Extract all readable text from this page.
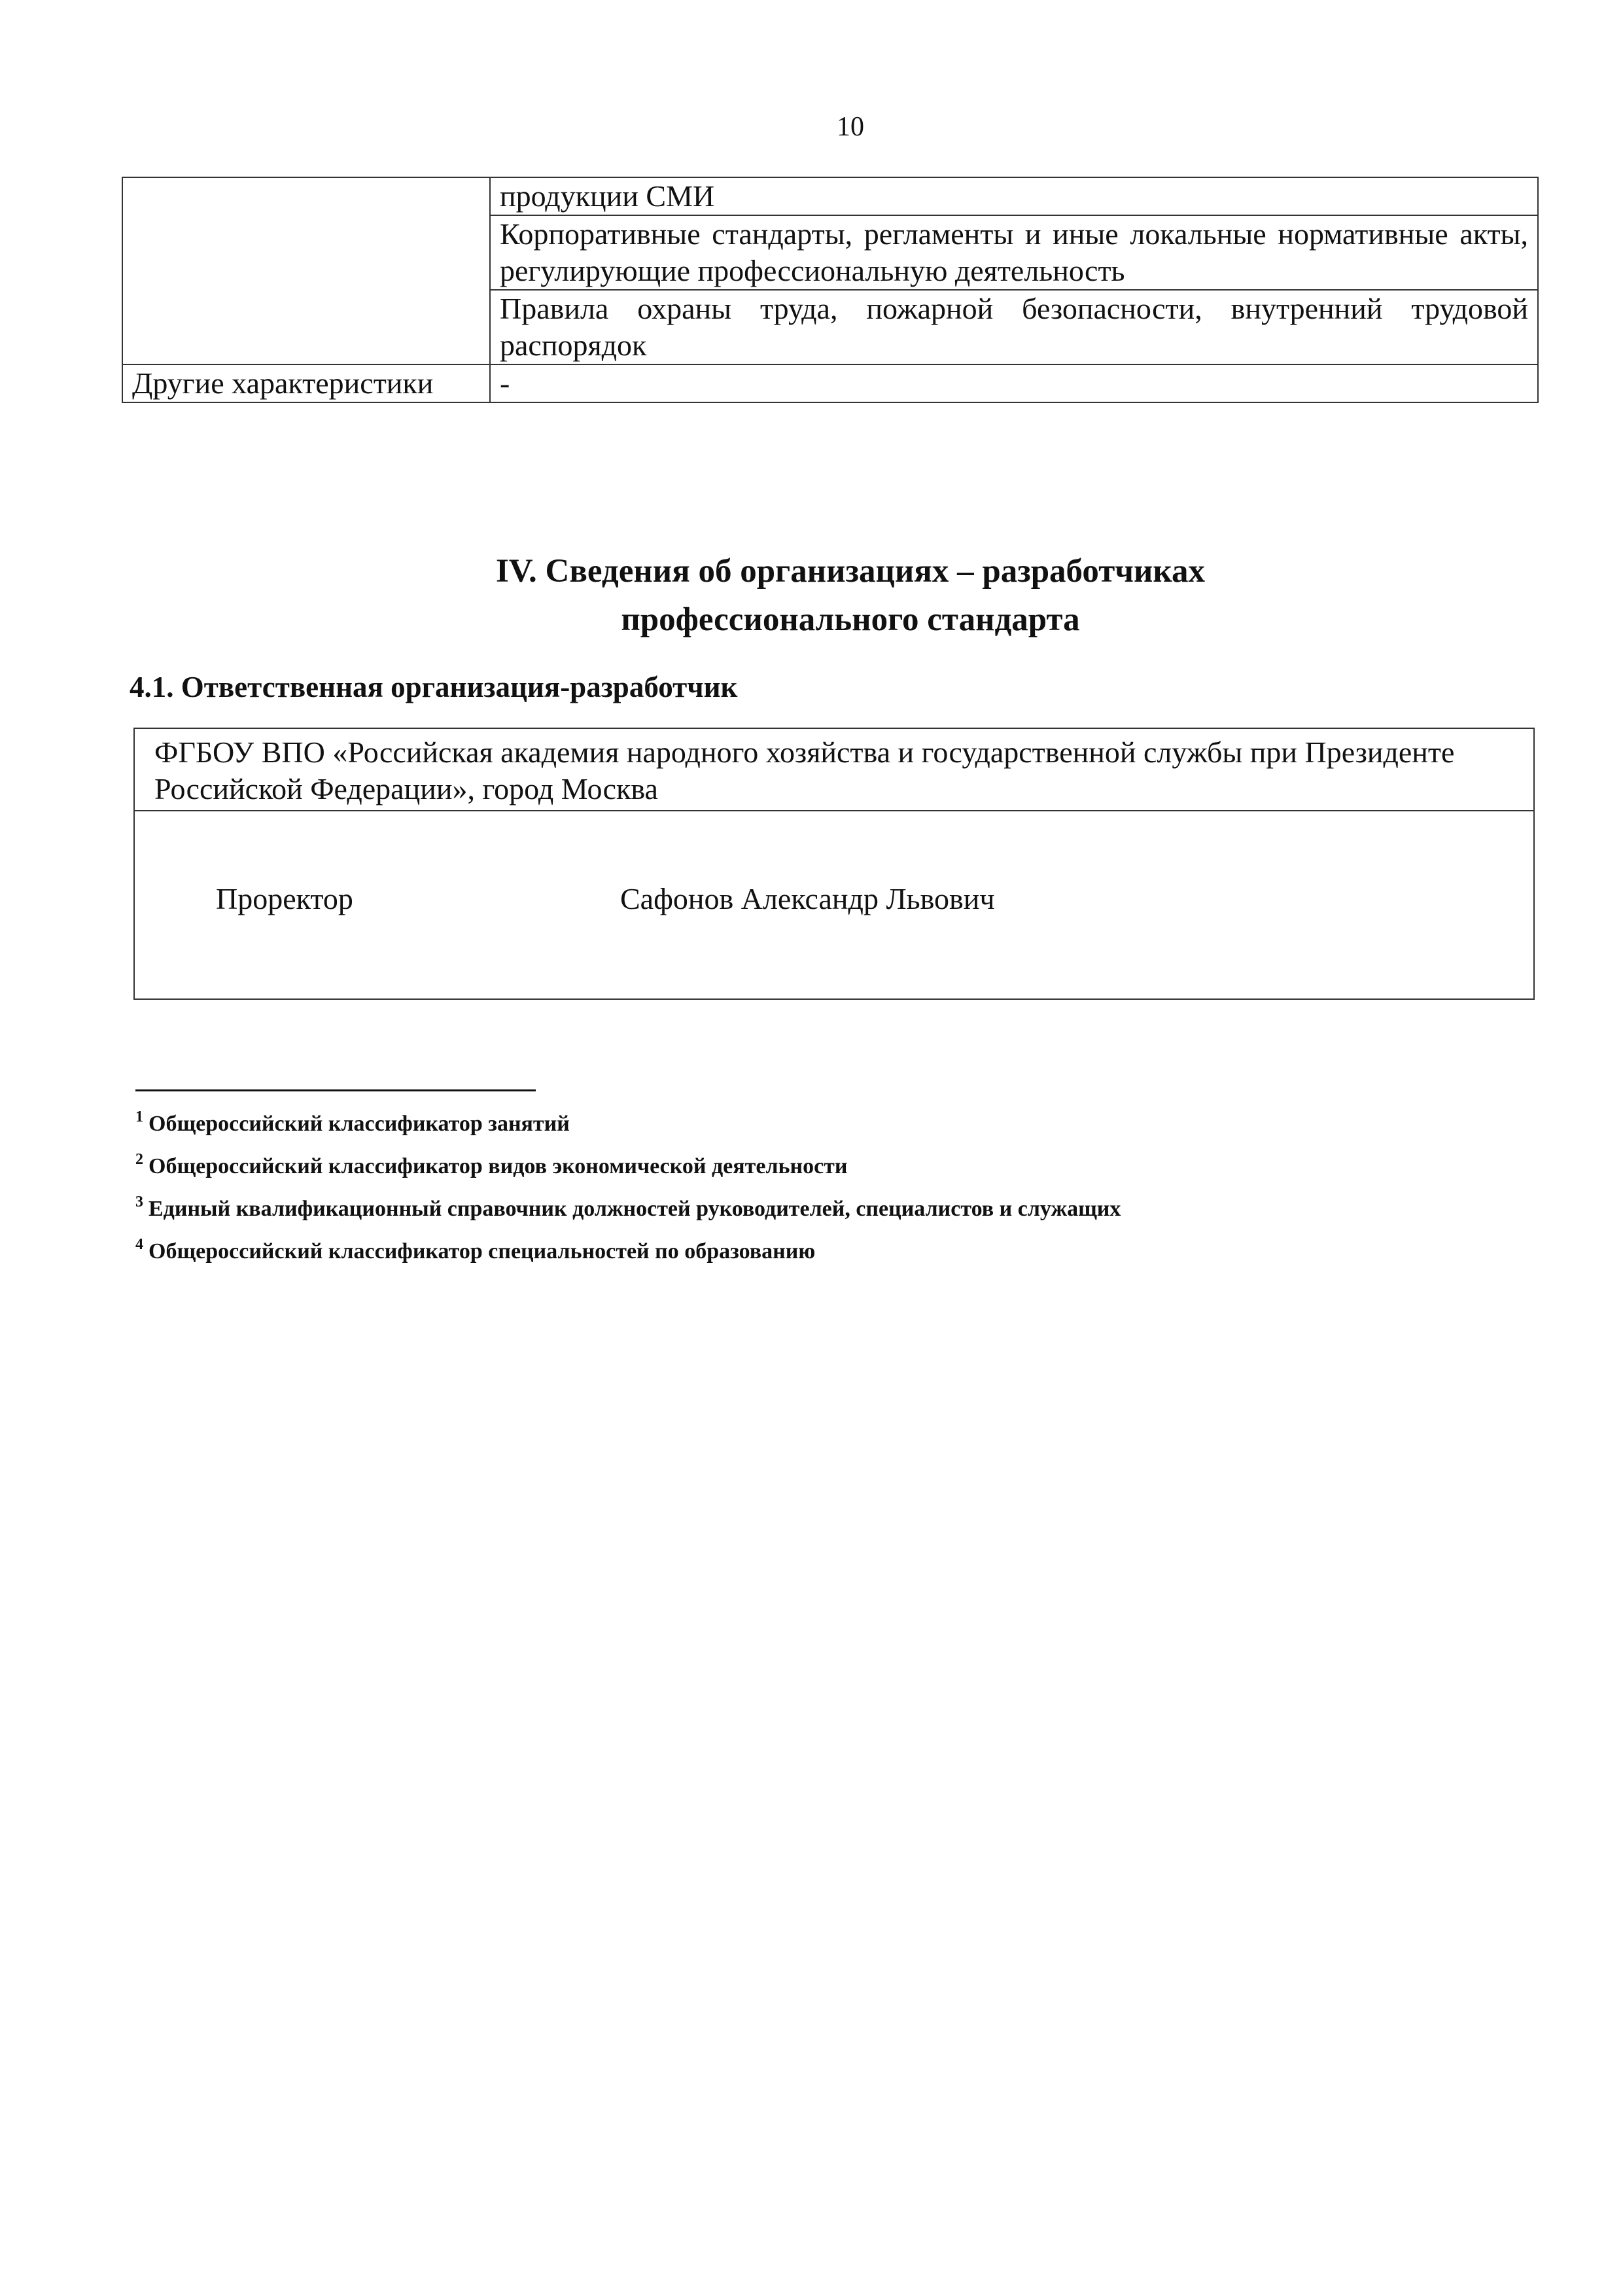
10
	продукции СМИ
	Корпоративные стандарты, регламенты и иные локальные нормативные акты, регулирующие профессиональную деятельность
	Правила охраны труда, пожарной безопасности, внутренний трудовой распорядок
Другие характеристики	-
IV. Сведения об организациях – разработчиках
профессионального стандарта
4.1. Ответственная организация-разработчик
ФГБОУ ВПО «Российская академия народного хозяйства и государственной службы при Президенте Российской Федерации», город Москва
Проректор	Сафонов Александр Львович
$^1$ Общероссийский классификатор занятий
$^2$ Общероссийский классификатор видов экономической деятельности
$^3$ Единый квалификационный справочник должностей руководителей, специалистов и служащих
$^4$ Общероссийский классификатор специальностей по образованию
